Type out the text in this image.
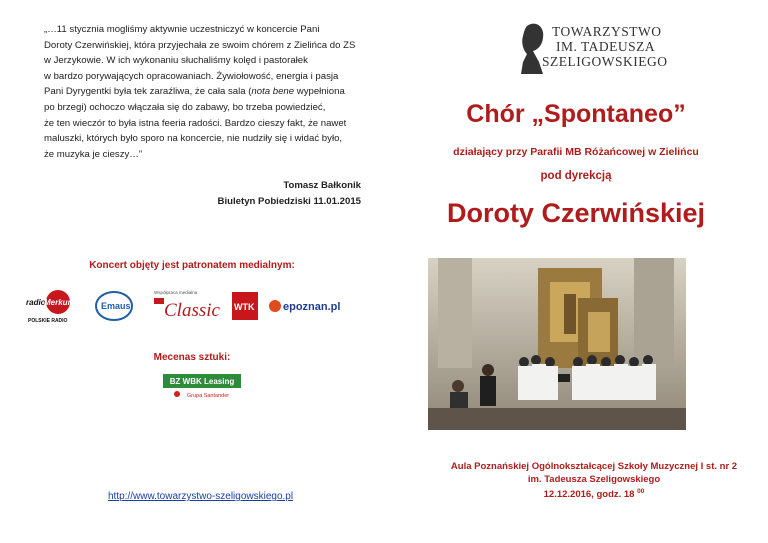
„…11 stycznia mogliśmy aktywnie uczestniczyć w koncercie Pani

Doroty Czerwińskiej, która przyjechała ze swoim chórem z Zielińca do ZS

w Jerzykowie. W ich wykonaniu słuchaliśmy kolęd i pastorałek

w bardzo porywających opracowaniach. Żywiołowość, energia i pasja

Pani Dyrygentki była tek zaraźliwa, że cała sala (nota bene wypełniona

po brzegi) ochoczo włączała się do zabawy, bo trzeba powiedzieć,

że ten wieczór to była istna feeria radości. Bardzo cieszy fakt, że nawet

maluszki, których było sporo na koncercie, nie nudziły się i widać było,

że muzyka je cieszy…”

Tomasz Bałkonik
Biuletyn Pobiedziski 11.01.2015
Koncert objęty jest patronatem medialnym:
radio
Merkury
POLSKIE RADIO
Emaus
Współpraca medialna
Classic WTK	epoznan.pl
Mecenas sztuki:
BZ WBK Leasing
Grupa Santander
http://www.towarzystwo-szeligowskiego.pl
TOWARZYSTWO
IM. TADEUSZA
SZELIGOWSKIEGO
Chór „Spontaneo”
działający przy Parafii MB Różańcowej w Zielińcu
pod dyrekcją
Doroty Czerwińskiej
Aula Poznańskiej Ogólnokształcącej Szkoły Muzycznej I st. nr 2
im. Tadeusza Szeligowskiego
12.12.2016, godz. 18 $^{00}$
